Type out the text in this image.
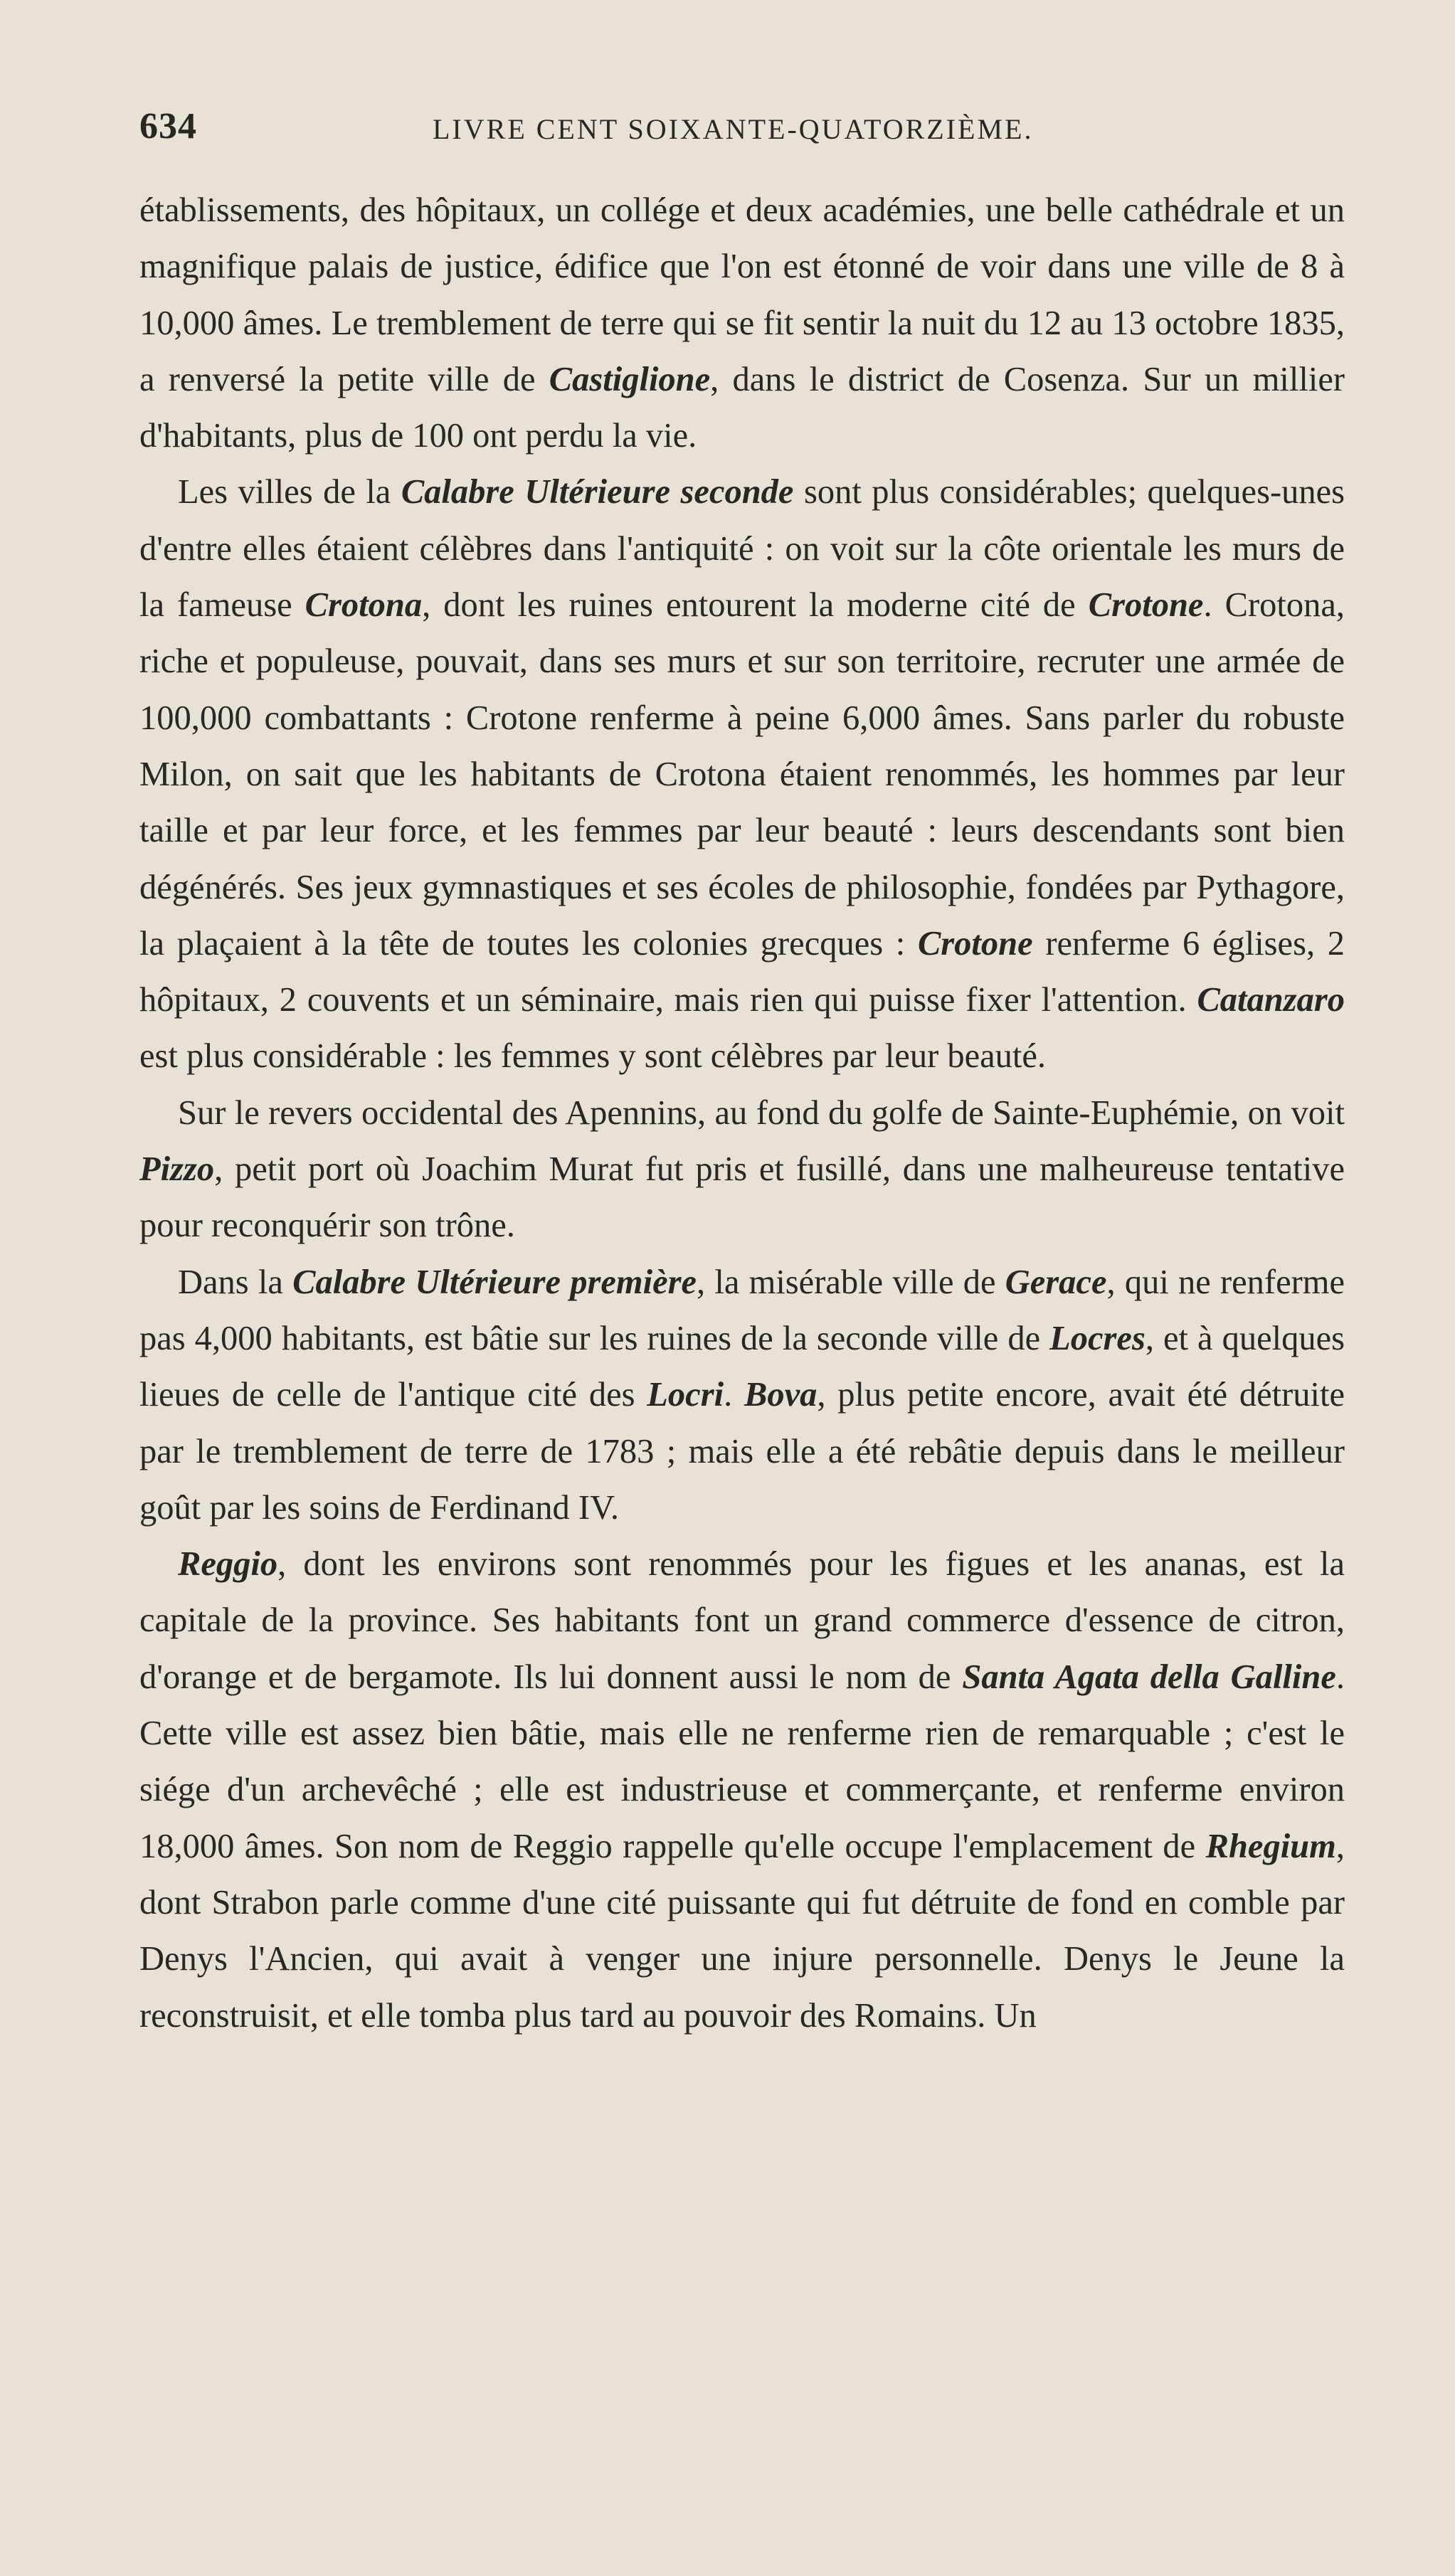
634	LIVRE CENT SOIXANTE-QUATORZIÈME.

établissements, des hôpitaux, un collége et deux académies, une belle cathédrale et un magnifique palais de justice, édifice que l'on est étonné de voir dans une ville de 8 à 10,000 âmes. Le tremblement de terre qui se fit sentir la nuit du 12 au 13 octobre 1835, a renversé la petite ville de Castiglione, dans le district de Cosenza. Sur un millier d'habitants, plus de 100 ont perdu la vie.

Les villes de la Calabre Ultérieure seconde sont plus considérables; quelques-unes d'entre elles étaient célèbres dans l'antiquité : on voit sur la côte orientale les murs de la fameuse Crotona, dont les ruines entourent la moderne cité de Crotone. Crotona, riche et populeuse, pouvait, dans ses murs et sur son territoire, recruter une armée de 100,000 combattants : Crotone renferme à peine 6,000 âmes. Sans parler du robuste Milon, on sait que les habitants de Crotona étaient renommés, les hommes par leur taille et par leur force, et les femmes par leur beauté : leurs descendants sont bien dégénérés. Ses jeux gymnastiques et ses écoles de philosophie, fondées par Pythagore, la plaçaient à la tête de toutes les colonies grecques : Crotone renferme 6 églises, 2 hôpitaux, 2 couvents et un séminaire, mais rien qui puisse fixer l'attention. Catanzaro est plus considérable : les femmes y sont célèbres par leur beauté.

Sur le revers occidental des Apennins, au fond du golfe de Sainte-Euphémie, on voit Pizzo, petit port où Joachim Murat fut pris et fusillé, dans une malheureuse tentative pour reconquérir son trône.

Dans la Calabre Ultérieure première, la misérable ville de Gerace, qui ne renferme pas 4,000 habitants, est bâtie sur les ruines de la seconde ville de Locres, et à quelques lieues de celle de l'antique cité des Locri. Bova, plus petite encore, avait été détruite par le tremblement de terre de 1783 ; mais elle a été rebâtie depuis dans le meilleur goût par les soins de Ferdinand IV.

Reggio, dont les environs sont renommés pour les figues et les ananas, est la capitale de la province. Ses habitants font un grand commerce d'essence de citron, d'orange et de bergamote. Ils lui donnent aussi le nom de Santa Agata della Galline. Cette ville est assez bien bâtie, mais elle ne renferme rien de remarquable ; c'est le siége d'un archevêché ; elle est industrieuse et commerçante, et renferme environ 18,000 âmes. Son nom de Reggio rappelle qu'elle occupe l'emplacement de Rhegium, dont Strabon parle comme d'une cité puissante qui fut détruite de fond en comble par Denys l'Ancien, qui avait à venger une injure personnelle. Denys le Jeune la reconstruisit, et elle tomba plus tard au pouvoir des Romains. Un
